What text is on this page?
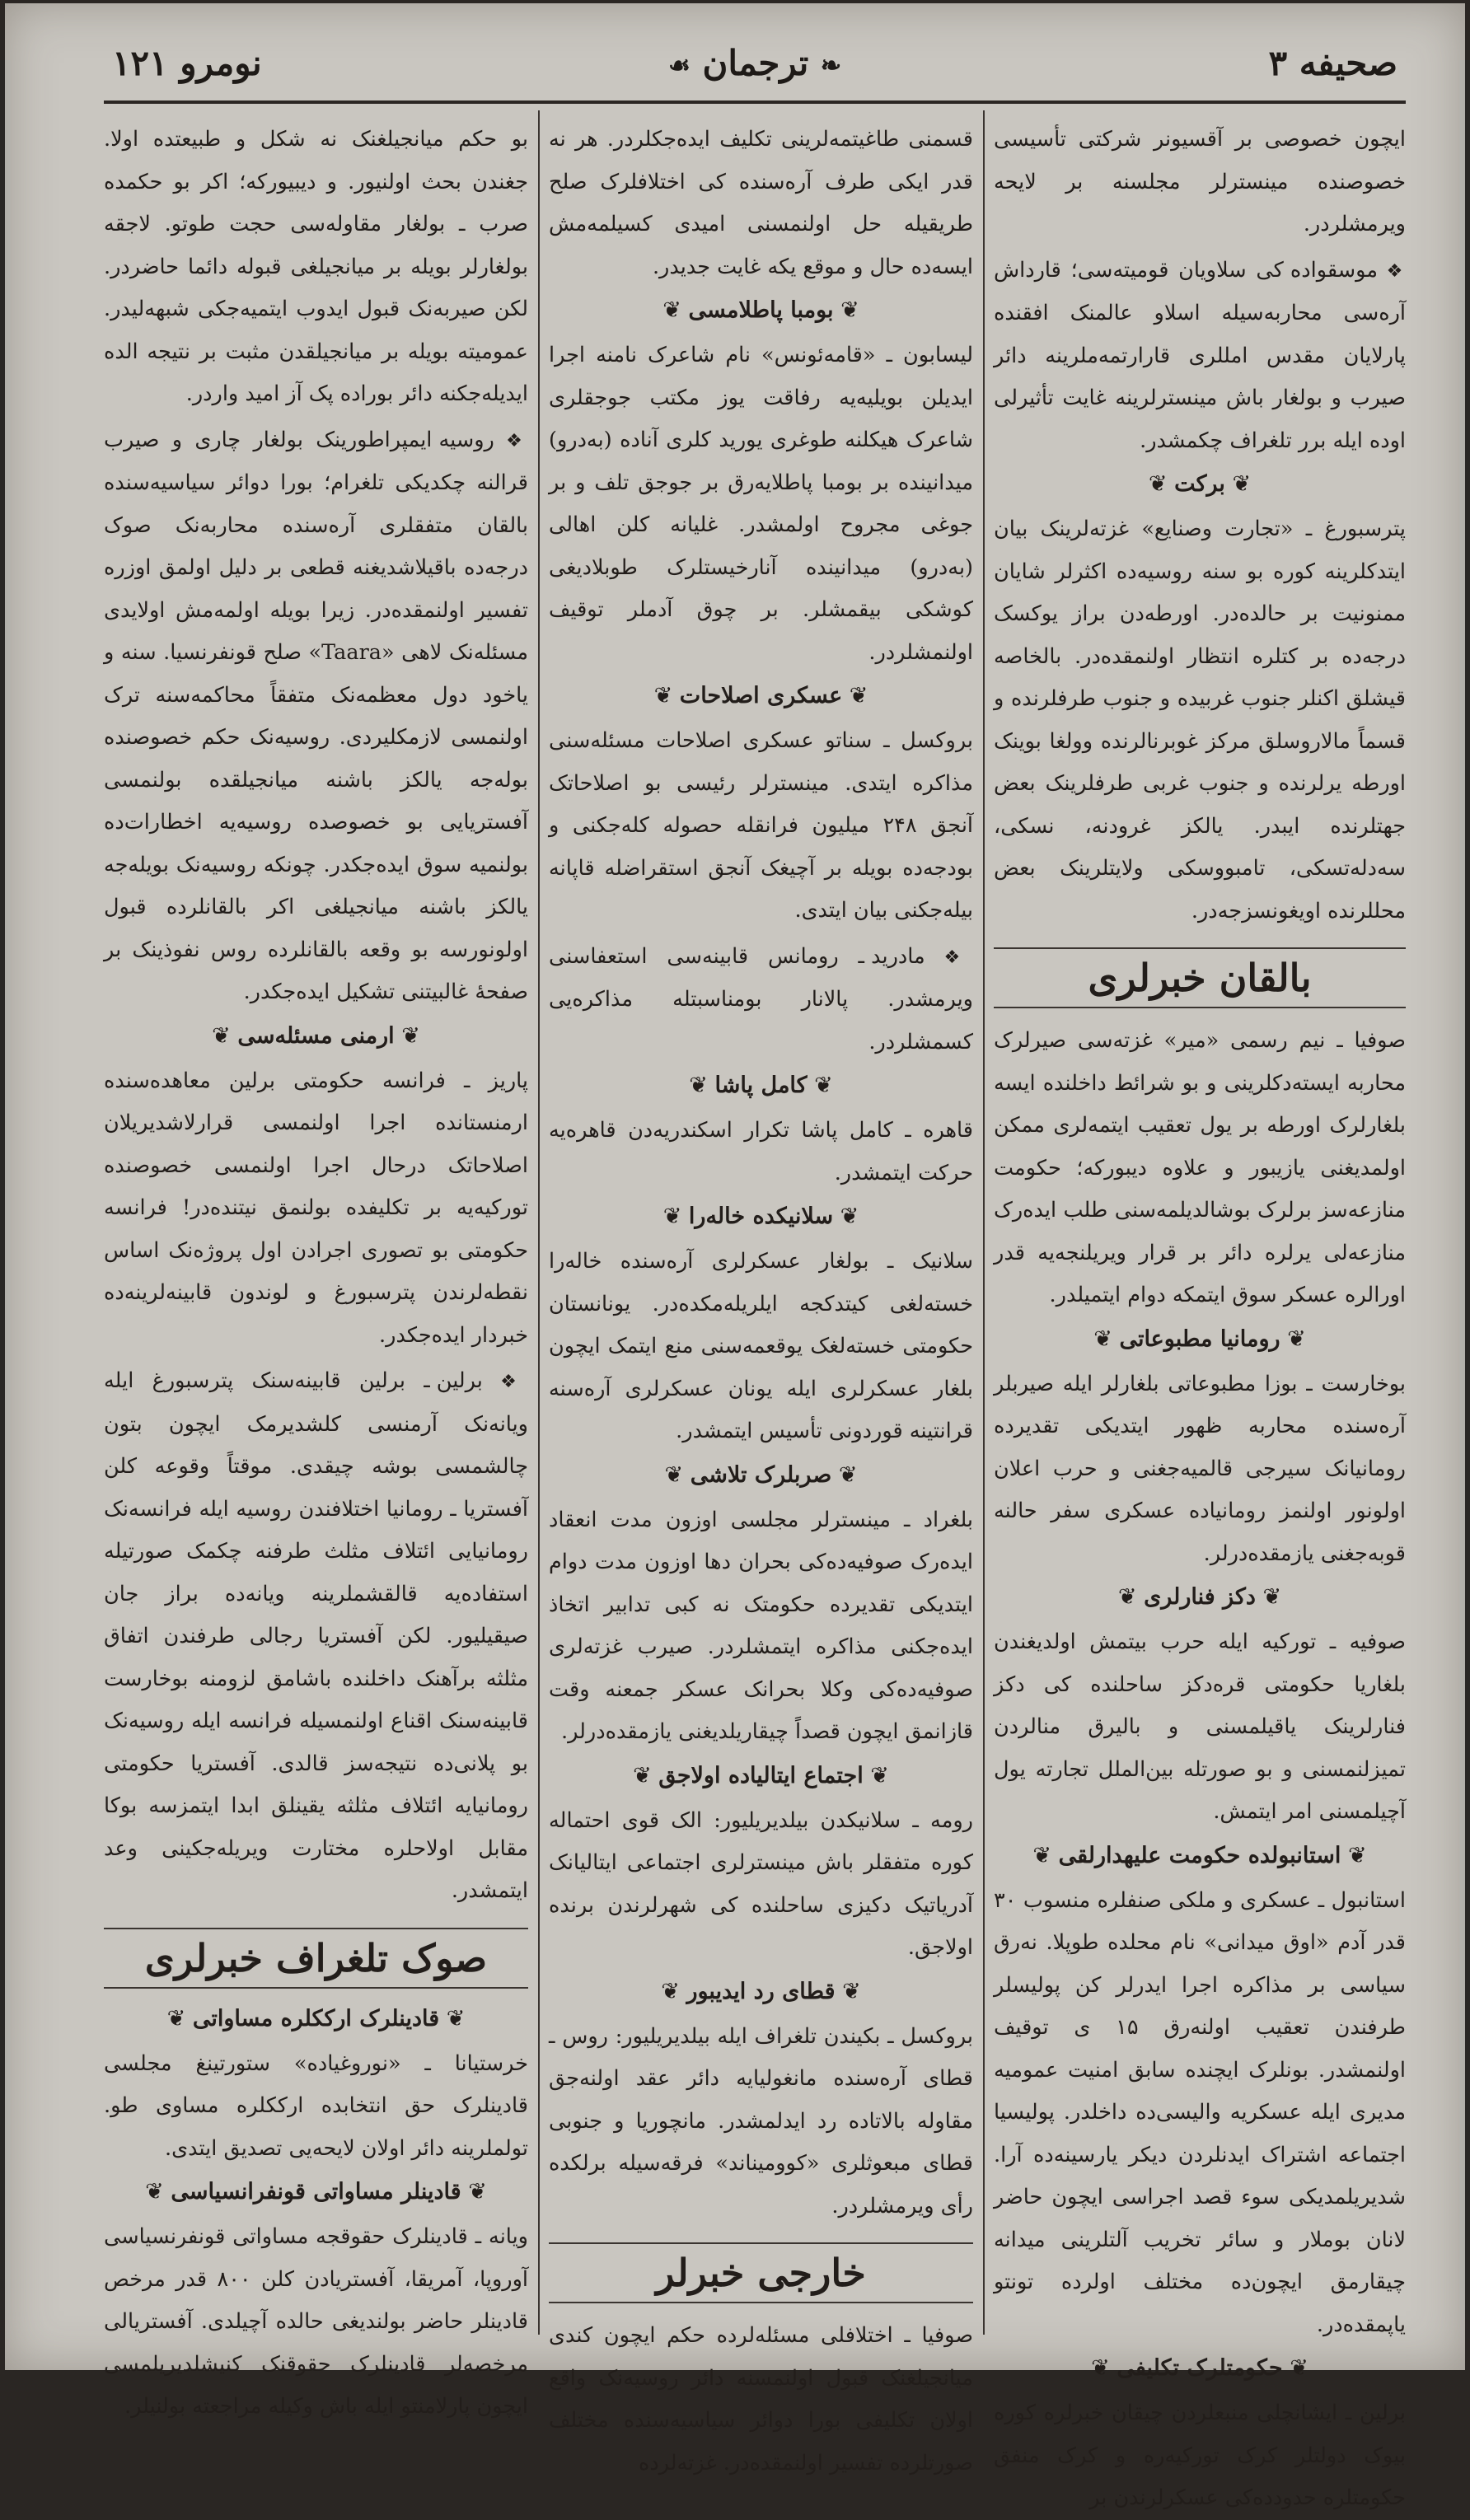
صحیفه ۳
❧ ترجمان ☙
نومرو ۱۲۱

ایچون خصوصی بر آقسیونر شرکتی تأسیسی خصوصنده مینسترلر مجلسنه بر لایحه ویرمشلردر.

❖ موسقواده کی سلاویان قومیته‌سی؛ قارداش آره‌سی محاربه‌سیله اسلاو عالمنک افقنده پارلایان مقدس امللری قارارتمەملرینه دائر صیرب و بولغار باش مینسترلرینه غایت تأثیرلی اوده ایله برر تلغراف چکمشدر.

❦ برکت ❦

پترسبورغ ـ «تجارت وصنایع» غزته‌لرینک بیان ایتدکلرینه کوره بو سنه روسیه‌ده اکثرلر شایان ممنونیت بر حالده‌در. اورطه‌دن براز یوکسک درجه‌ده بر کتلره انتظار اولنمقده‌در. بالخاصه قیشلق اکنلر جنوب غربیده و جنوب طرفلرنده و قسماً مالاروسلق مرکز غوبرنالرنده وولغا بوینک اورطه یرلرنده و جنوب غربی طرفلرینک بعض جهتلرنده ایبدر. یالکز غرودنه، نسکی، سه‌دله‌تسکی، تامبووسکی ولایتلرینک بعض محللرنده اویغونسزجه‌در.

بالقان خبرلری

صوفیا ـ نیم رسمی «میر» غزته‌سی صیرلرک محاربه ایسته‌دکلرینی و بو شرائط داخلنده ایسه بلغارلرک اورطه بر یول تعقیب ایتمەلری ممکن اولمدیغنی یازیبور و علاوه دیبورکه؛ حکومت منازعەسز برلرک بوشالدیلمەسنی طلب ایدەرک منازعەلی یرلره دائر بر قرار ویریلنجه‌یه قدر اورالره عسکر سوق ایتمکه دوام ایتمیلدر.

❦ رومانیا مطبوعاتی ❦

بوخارست ـ بوزا مطبوعاتی بلغارلر ایله صیربلر آره‌سنده محاربه ظهور ایتدیکی تقدیرده رومانیانک سیرجی قالمیه‌جغنی و حرب اعلان اولونور اولنمز رومانیاده عسکری سفر حالنه قوبه‌جغنی یازمقده‌درلر.

❦ دکز فنارلری ❦

صوفیه ـ تورکیه ایله حرب بیتمش اولدیغندن بلغاریا حکومتی قره‌دکز ساحلنده کی دکز فنارلرینک یاقیلمسنی و بالیرق منالردن تمیزلنمسنی و بو صورتله بین‌الملل تجارته یول آچیلمسنی امر ایتمش.

❦ استانبولده حکومت علیهدارلقی ❦

استانبول ـ عسکری و ملکی صنفلره منسوب ۳۰ قدر آدم «اوق میدانی» نام محلده طوپلا. نەرق سیاسی بر مذاکره اجرا ایدرلر کن پولیسلر طرفندن تعقیب اولنه‌رق ۱۵ ی توقیف اولنمشدر. بونلرک ایچنده سابق امنیت عمومیه مدیری ایله عسکریه والیسی‌ده داخلدر. پولیسیا اجتماعه اشتراک ایدنلردن دیکر یارسینه‌ده آرا. شدیریلمدیکی سوء قصد اجراسی ایچون حاضر لانان بوملار و سائر تخریب آلتلرینی میدانه چیقارمق ایچون‌ده مختلف اولرده تونتو یاپمقده‌در.

❦ حکومتلرک تکلیفی ❦

برلین ـ ایشانچلی منبعلردن چیقان خبرلره کوره بیوک دولتلر کرک تورکیه‌ره و کرک منفق حکومتلره حدودده‌کی عسکرلرندن بر

قسمنی طاغیتمه‌لرینی تکلیف ایده‌جکلردر. هر نه قدر ایکی طرف آره‌سنده کی اختلافلرک صلح طریقیله حل اولنمسنی امیدی کسیلمه‌مش ایسه‌ده حال و موقع یکه غایت جدیدر.

❦ بومبا پاطلامسی ❦

لیسابون ـ «قامه‌ئونس» نام شاعرک نامنه اجرا ایدیلن بویلیه‌یه رفاقت یوز مکتب جوجقلری شاعرک هیکلنه طوغری یورید کلری آناده (بەدرو) میدانینده بر بومبا پاطلایه‌رق بر جوجق تلف و بر جوغی مجروح اولمشدر. غلیانه کلن اهالی (بەدرو) میدانینده آنارخیستلرک طوبلادیغی کوشکی بیقمشلر. بر چوق آدملر توقیف اولنمشلردر.

❦ عسکری اصلاحات ❦

بروکسل ـ سناتو عسکری اصلاحات مسئله‌سنی مذاکره ایتدی. مینسترلر رئیسی بو اصلاحاتک آنجق ۲۴۸ میلیون فرانقله حصوله کله‌جکنی و بودجه‌ده بویله بر آچیغک آنجق استقراضله قاپانه بیله‌جکنی بیان ایتدی.

❖ مادرید ـ رومانس قابینه‌سی استعفاسنی ویرمشدر. پالانار بومناسبتله مذاکره‌یی کسمشلردر.

❦ کامل پاشا ❦

قاهره ـ کامل پاشا تکرار اسکندریه‌دن قاهره‌یه حرکت ایتمشدر.

❦ سلانیکده خالەرا ❦

سلانیک ـ بولغار عسکرلری آره‌سنده خالەرا خسته‌لغی کیتدکجه ایلریله‌مکده‌در. یونانستان حکومتی خسته‌لغک یوقعمه‌سنی منع ایتمک ایچون بلغار عسکرلری ایله یونان عسکرلری آره‌سنه قرانتینه قوردونی تأسیس ایتمشدر.

❦ صربلرک تلاشی ❦

بلغراد ـ مینسترلر مجلسی اوزون مدت انعقاد ایده‌رک صوفیه‌ده‌کی بحران دها اوزون مدت دوام ایتدیکی تقدیرده حکومتک نه کبی تدابیر اتخاذ ایده‌جکنی مذاکره ایتمشلردر. صیرب غزته‌لری صوفیه‌ده‌کی وکلا بحرانک عسکر جمعنه وقت قازانمق ایچون قصداً چیقاریلدیغنی یازمقده‌درلر.

❦ اجتماع ایتالیاده اولاجق ❦

رومه ـ سلانیکدن بیلدیریلیور: الک قوی احتماله کوره متفقلر باش مینسترلری اجتماعی ایتالیانک آدریاتیک دکیزی ساحلنده کی شهرلرندن برنده اولاجق.

❦ قطای رد ایدیبور ❦

بروکسل ـ بکیندن تلغراف ایله بیلدیریلیور: روس ـ قطای آره‌سنده مانغولیایه دائر عقد اولنه‌جق مقاوله بالاتاده رد ایدلمشدر. مانچوریا و جنوبی قطای مبعوثلری «کوومیناند» فرقه‌سیله برلکده رأی ویرمشلردر.

خارجی خبرلر

صوفیا ـ اختلافلی مسئله‌لرده حکم ایچون کندی میانجیلغنک قبول اولنمسنه دائر روسیه‌نک واقع اولان تکلیفی بورا دوائر سیاسیه‌سنده مختلف صورتلرده تفسیر اولنمقده‌در. غزته‌لرده

بو حکم میانجیلغنک نه شکل و طبیعتده اولا. جغندن بحث اولنیور. و دیبیورکه؛ اکر بو حکمده صرب ـ بولغار مقاوله‌سی حجت طوتو. لاجقه بولغارلر بویله بر میانجیلغی قبوله دائما حاضردر. لکن صیربه‌نک قبول ایدوب ایتمیه‌جکی شبهه‌لیدر. عمومیته بویله بر میانجیلقدن مثبت بر نتیجه الده ایدیله‌جکنه دائر بوراده پک آز امید واردر.

❖ روسیه ایمپراطورینک بولغار چاری و صیرب قرالنه چکدیکی تلغرام؛ بورا دوائر سیاسیه‌سنده بالقان متفقلری آره‌سنده محاربه‌نک صوک درجه‌ده باقیلاشدیغنه قطعی بر دلیل اولمق اوزره تفسیر اولنمقده‌در. زیرا بویله اولمه‌مش اولایدی مسئله‌نک لاهی «Taara» صلح قونفرنسیا. سنه و یاخود دول معظمه‌نک متفقاً محاکمه‌سنه ترک اولنمسی لازمکلیردی. روسیه‌نک حکم خصوصنده بوله‌جه یالکز باشنه میانجیلقده بولنمسی آفستریایی بو خصوصده روسیه‌یه اخطارات‌ده بولنمیه سوق ایده‌جکدر. چونکه روسیه‌نک بویله‌جه یالکز باشنه میانجیلغی اکر بالقانلرده قبول اولونورسه بو وقعه بالقانلرده روس نفوذینک بر صفحهٔ غالبیتنی تشکیل ایده‌جکدر.

❦ ارمنی مسئله‌سی ❦

پاریز ـ فرانسه حکومتی برلین معاهده‌سنده ارمنستانده اجرا اولنمسی قرارلاشدیریلان اصلاحاتک درحال اجرا اولنمسی خصوصنده تورکیه‌یه بر تکلیفده بولنمق نیتنده‌در! فرانسه حکومتی بو تصوری اجرادن اول پروژەنک اساس نقطه‌لرندن پترسبورغ و لوندون قابینه‌لرینه‌ده خبردار ایده‌جکدر.

❖ برلین ـ برلین قابینه‌سنک پترسبورغ ایله ویانه‌نک آرمنسی کلشدیرمک ایچون بتون چالشمسی بوشه چیقدی. موقتاً وقوعه کلن آفستریا ـ رومانیا اختلافندن روسیه ایله فرانسه‌نک رومانیایی ائتلاف مثلث طرفنه چکمک صورتیله استفاده‌یه قالقشملرینه ویانه‌ده براز جان صیقیلیور. لکن آفستریا رجالی طرفندن اتفاق مثلثه برآهنک داخلنده باشامق لزومنه بوخارست قابینه‌سنک اقناع اولنمسیله فرانسه ایله روسیه‌نک بو پلانی‌ده نتیجه‌سز قالدی. آفستریا حکومتی رومانیایه ائتلاف مثلثه یقینلق ابدا ایتمزسه بوکا مقابل اولاحلره مختارت ویریله‌جکینی وعد ایتمشدر.

صوک تلغراف خبرلری
❦ قادینلرک ارککلره مساواتی ❦

خرستیانا ـ «نوروغیاده» ستورتینغ مجلسی قادینلرک حق انتخابده ارککلره مساوی طو. تولملرینه دائر اولان لایحه‌یی تصدیق ایتدی.

❦ قادینلر مساواتی قونفرانسیاسی ❦

ویانه ـ قادینلرک حقوقجه مساواتی قونفرنسیاسی آوروپا، آمریقا، آفستریادن کلن ۸۰۰ قدر مرخص قادینلر حاضر بولندیغی حالده آچیلدی. آفستریالی مرخصه‌لر قادینلرک حقوقنک کنیشلدیریلمسی ایچون پارلامنتو ایله باش وکیله مراجعته بولنیلر.
